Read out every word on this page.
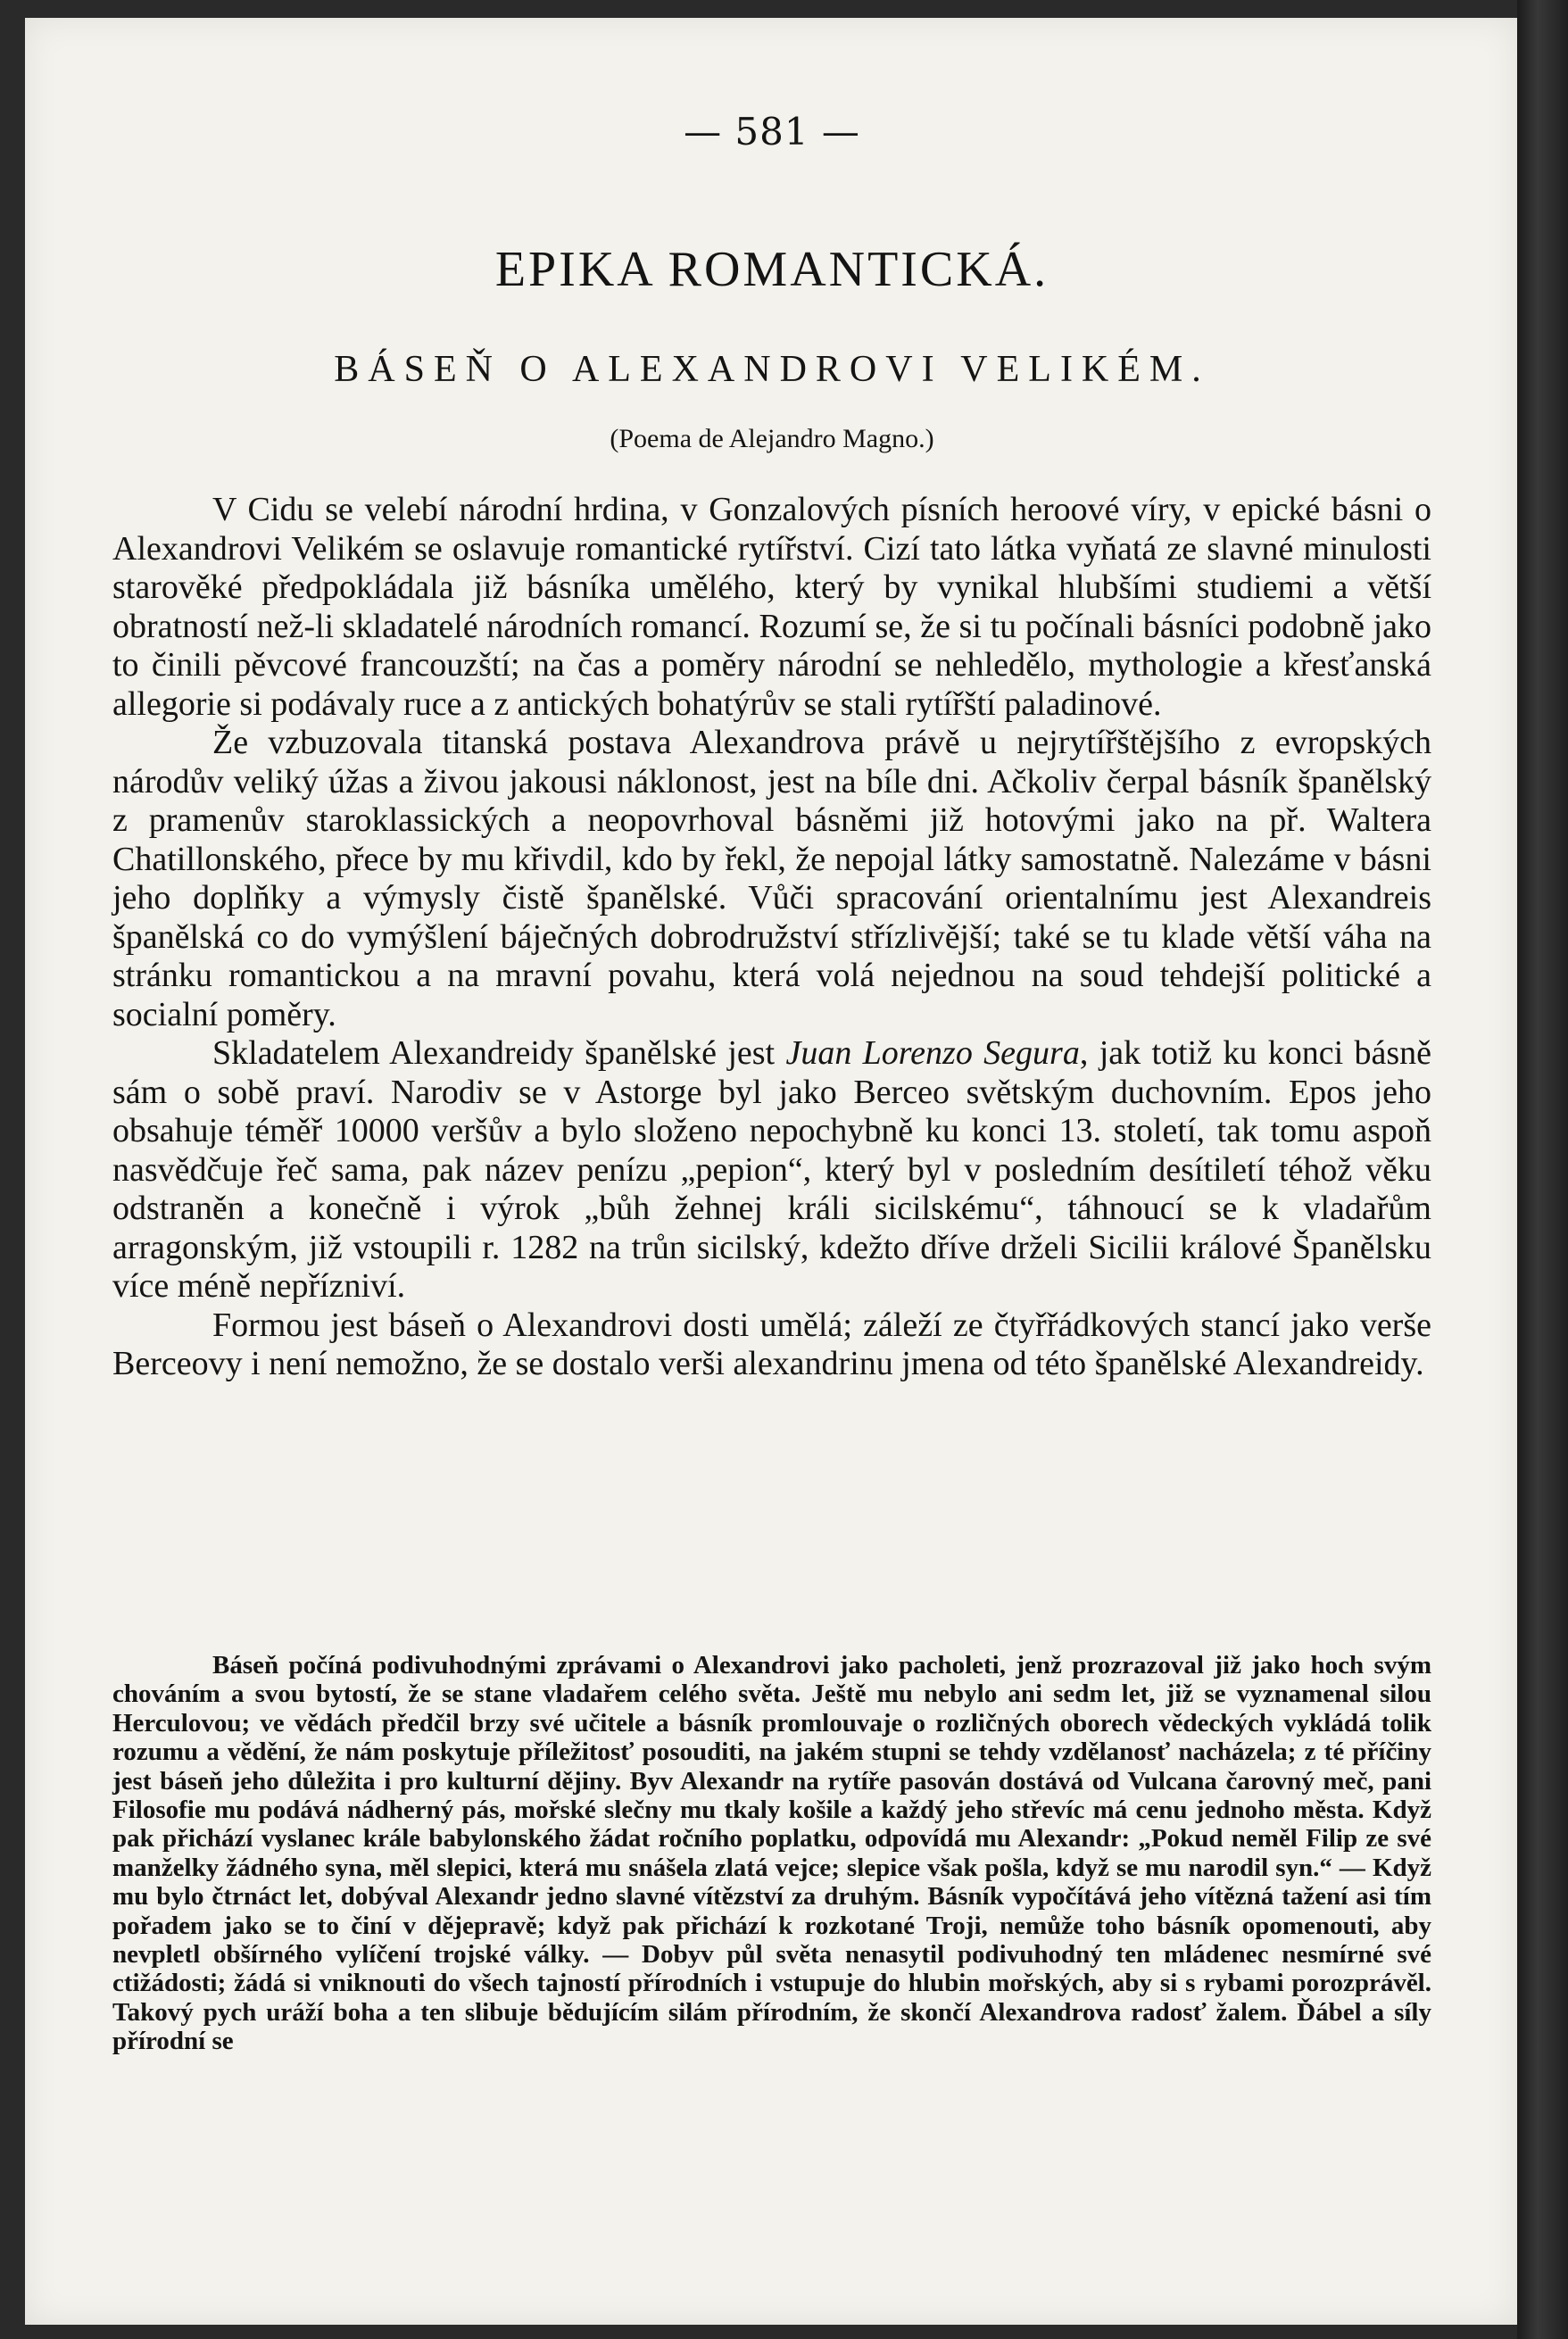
— 581 —
EPIKA ROMANTICKÁ.
BÁSEŇ O ALEXANDROVI VELIKÉM.
(Poema de Alejandro Magno.)

V Cidu se velebí národní hrdina, v Gonzalových písních heroové víry, v epické básni o Alexandrovi Velikém se oslavuje romantické rytířství. Cizí tato látka vyňatá ze slavné minulosti starověké předpokládala již básníka umělého, který by vynikal hlubšími studiemi a větší obratností než-li skladatelé národních romancí. Rozumí se, že si tu počínali básníci podobně jako to činili pěvcové francouzští; na čas a poměry národní se nehledělo, mythologie a křesťanská allegorie si podávaly ruce a z antických bohatýrův se stali rytířští paladinové.

Že vzbuzovala titanská postava Alexandrova právě u nejrytířštějšího z evropských národův veliký úžas a živou jakousi náklonost, jest na bíle dni. Ačkoliv čerpal básník španělský z pramenův staroklassických a neopovrhoval básněmi již hotovými jako na př. Waltera Chatillonského, přece by mu křivdil, kdo by řekl, že nepojal látky samostatně. Nalezáme v básni jeho doplňky a výmysly čistě španělské. Vůči spracování orientalnímu jest Alexandreis španělská co do vymýšlení báječných dobrodružství střízlivější; také se tu klade větší váha na stránku romantickou a na mravní povahu, která volá nejednou na soud tehdejší politické a socialní poměry.

Skladatelem Alexandreidy španělské jest Juan Lorenzo Segura, jak totiž ku konci básně sám o sobě praví. Narodiv se v Astorge byl jako Berceo světským duchovním. Epos jeho obsahuje téměř 10000 veršův a bylo složeno nepochybně ku konci 13. století, tak tomu aspoň nasvědčuje řeč sama, pak název penízu „pepion“, který byl v posledním desítiletí téhož věku odstraněn a konečně i výrok „bůh žehnej králi sicilskému“, táhnoucí se k vladařům arragonským, již vstoupili r. 1282 na trůn sicilský, kdežto dříve drželi Sicilii králové Španělsku více méně nepřízniví.

Formou jest báseň o Alexandrovi dosti umělá; záleží ze čtyřřádkových stancí jako verše Berceovy i není nemožno, že se dostalo verši alexandrinu jmena od této španělské Alexandreidy.

Báseň počíná podivuhodnými zprávami o Alexandrovi jako pacholeti, jenž prozrazoval již jako hoch svým chováním a svou bytostí, že se stane vladařem celého světa. Ještě mu nebylo ani sedm let, již se vyznamenal silou Herculovou; ve vědách předčil brzy své učitele a básník promlouvaje o rozličných oborech vědeckých vykládá tolik rozumu a vědění, že nám poskytuje příležitosť posouditi, na jakém stupni se tehdy vzdělanosť nacházela; z té příčiny jest báseň jeho důležita i pro kulturní dějiny. Byv Alexandr na rytíře pasován dostává od Vulcana čarovný meč, pani Filosofie mu podává nádherný pás, mořské slečny mu tkaly košile a každý jeho střevíc má cenu jednoho města. Když pak přichází vyslanec krále babylonského žádat ročního poplatku, odpovídá mu Alexandr: „Pokud neměl Filip ze své manželky žádného syna, měl slepici, která mu snášela zlatá vejce; slepice však pošla, když se mu narodil syn.“ — Když mu bylo čtrnáct let, dobýval Alexandr jedno slavné vítězství za druhým. Básník vypočítává jeho vítězná tažení asi tím pořadem jako se to činí v dějepravě; když pak přichází k rozkotané Troji, nemůže toho básník opomenouti, aby nevpletl obšírného vylíčení trojské války. — Dobyv půl světa nenasytil podivuhodný ten mládenec nesmírné své ctižádosti; žádá si vniknouti do všech tajností přírodních i vstupuje do hlubin mořských, aby si s rybami porozprávěl. Takový pych uráží boha a ten slibuje bědujícím silám přírodním, že skončí Alexandrova radosť žalem. Ďábel a síly přírodní se
